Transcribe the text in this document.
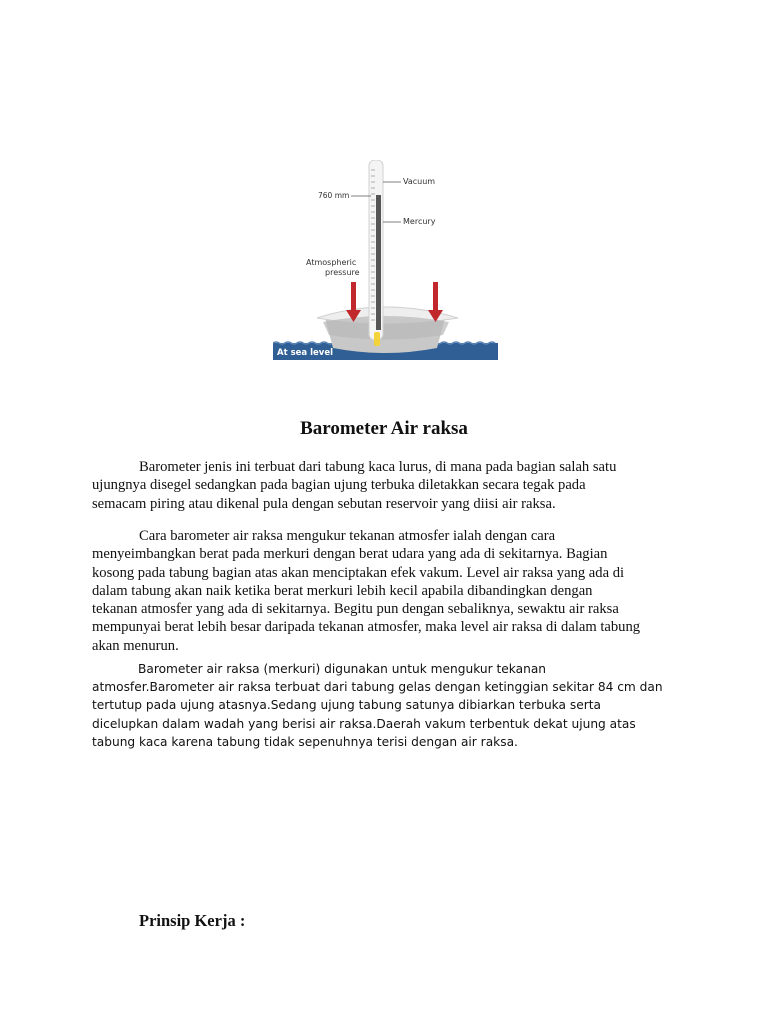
Vacuum
760 mm
Mercury
Atmospheric
pressure
At sea level
Barometer Air raksa

Barometer jenis ini terbuat dari tabung kaca lurus, di mana pada bagian salah satu
ujungnya disegel sedangkan pada bagian ujung terbuka diletakkan secara tegak pada
semacam piring atau dikenal pula dengan sebutan reservoir yang diisi air raksa.

Cara barometer air raksa mengukur tekanan atmosfer ialah dengan cara
menyeimbangkan berat pada merkuri dengan berat udara yang ada di sekitarnya. Bagian
kosong pada tabung bagian atas akan menciptakan efek vakum. Level air raksa yang ada di
dalam tabung akan naik ketika berat merkuri lebih kecil apabila dibandingkan dengan
tekanan atmosfer yang ada di sekitarnya. Begitu pun dengan sebaliknya, sewaktu air raksa
mempunyai berat lebih besar daripada tekanan atmosfer, maka level air raksa di dalam tabung
akan menurun.

Barometer air raksa (merkuri) digunakan untuk mengukur tekanan
atmosfer.Barometer air raksa terbuat dari tabung gelas dengan ketinggian sekitar 84 cm dan
tertutup pada ujung atasnya.Sedang ujung tabung satunya dibiarkan terbuka serta
dicelupkan dalam wadah yang berisi air raksa.Daerah vakum terbentuk dekat ujung atas
tabung kaca karena tabung tidak sepenuhnya terisi dengan air raksa.

Prinsip Kerja :
